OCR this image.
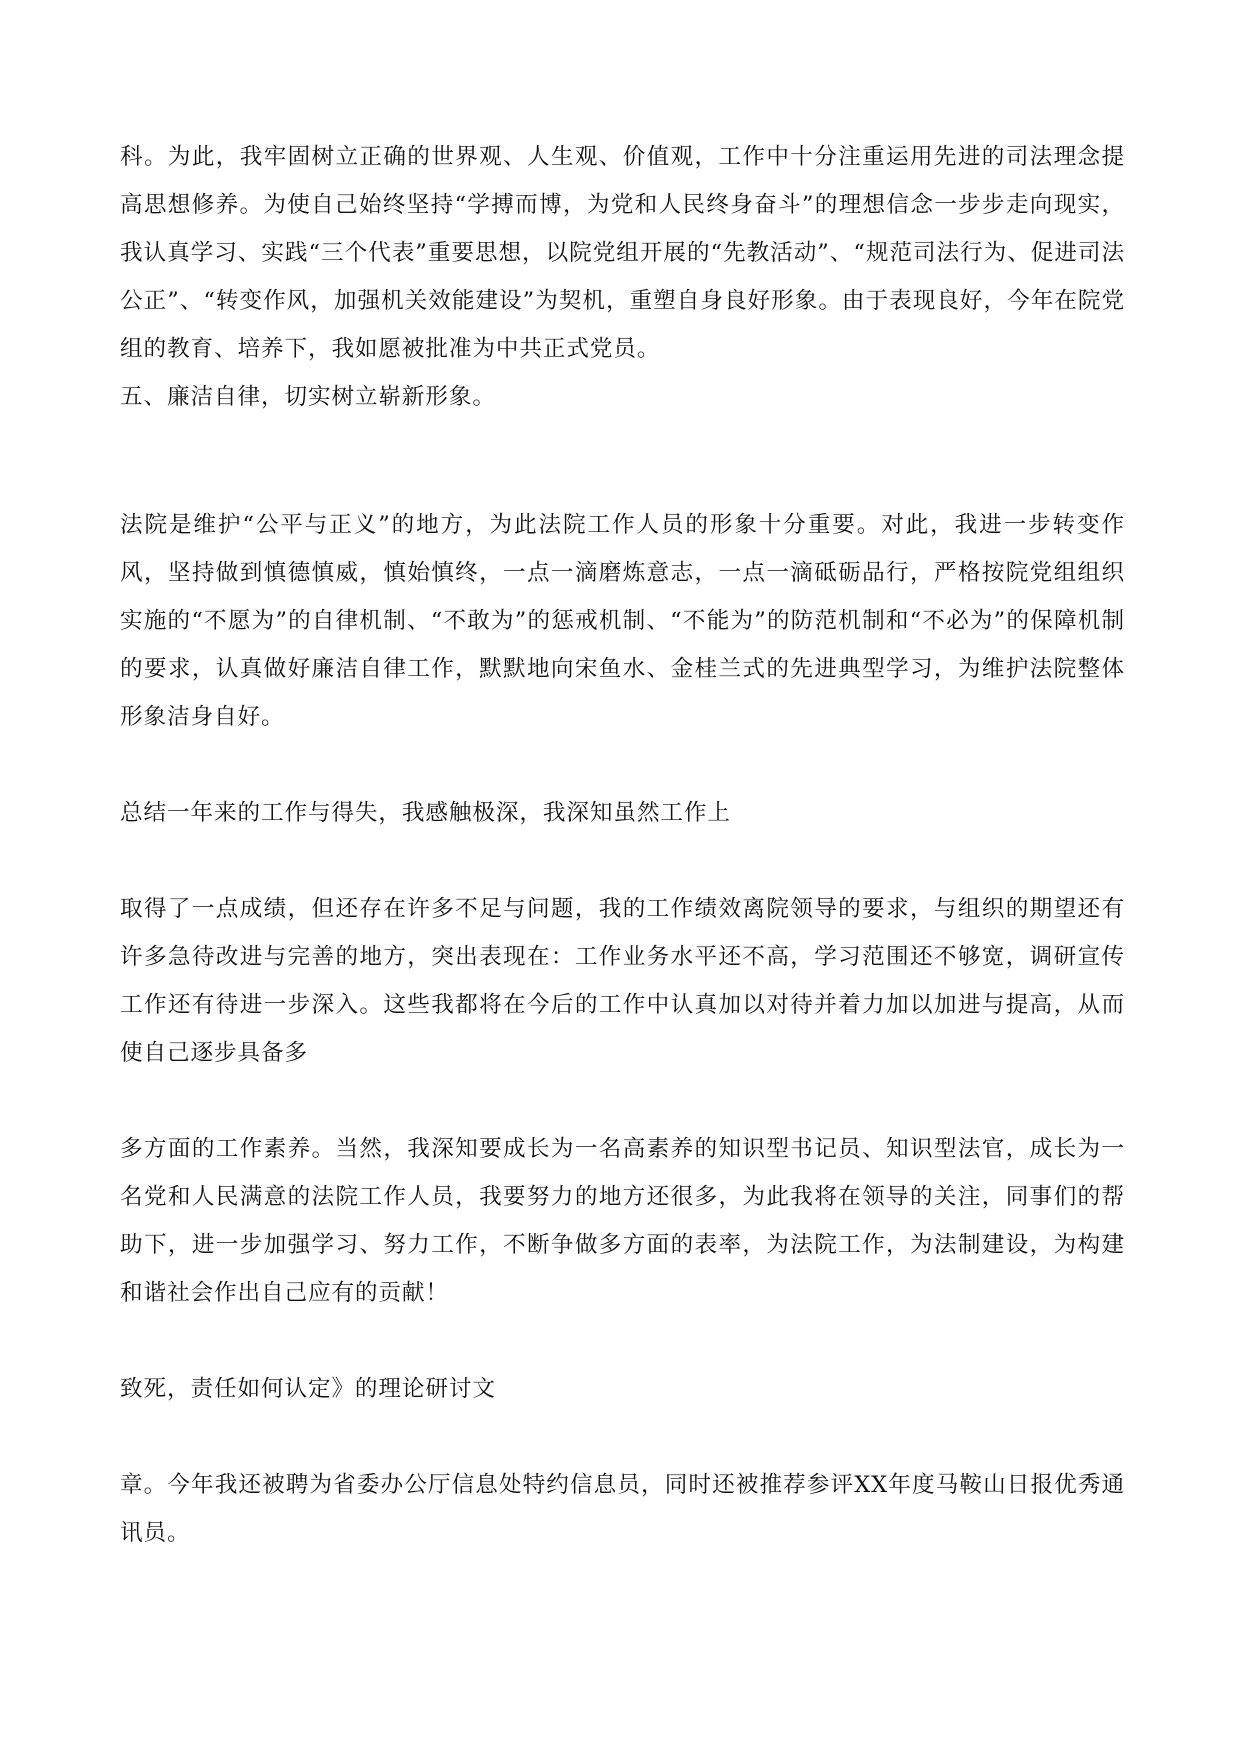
科。为此，我牢固树立正确的世界观、人生观、价值观，工作中十分注重运用先进的司法理念提高思想修养。为使自己始终坚持“学搏而博，为党和人民终身奋斗”的理想信念一步步走向现实，我认真学习、实践“三个代表”重要思想，以院党组开展的“先教活动”、“规范司法行为、促进司法公正”、“转变作风，加强机关效能建设”为契机，重塑自身良好形象。由于表现良好，今年在院党组的教育、培养下，我如愿被批准为中共正式党员。

五、廉洁自律，切实树立崭新形象。

法院是维护“公平与正义”的地方，为此法院工作人员的形象十分重要。对此，我进一步转变作风，坚持做到慎德慎威，慎始慎终，一点一滴磨炼意志，一点一滴砥砺品行，严格按院党组组织实施的“不愿为”的自律机制、“不敢为”的惩戒机制、“不能为”的防范机制和“不必为”的保障机制的要求，认真做好廉洁自律工作，默默地向宋鱼水、金桂兰式的先进典型学习，为维护法院整体形象洁身自好。

总结一年来的工作与得失，我感触极深，我深知虽然工作上

取得了一点成绩，但还存在许多不足与问题，我的工作绩效离院领导的要求，与组织的期望还有许多急待改进与完善的地方，突出表现在：工作业务水平还不高，学习范围还不够宽，调研宣传工作还有待进一步深入。这些我都将在今后的工作中认真加以对待并着力加以加进与提高，从而使自己逐步具备多

多方面的工作素养。当然，我深知要成长为一名高素养的知识型书记员、知识型法官，成长为一名党和人民满意的法院工作人员，我要努力的地方还很多，为此我将在领导的关注，同事们的帮助下，进一步加强学习、努力工作，不断争做多方面的表率，为法院工作，为法制建设，为构建和谐社会作出自己应有的贡献！

致死，责任如何认定》的理论研讨文

章。今年我还被聘为省委办公厅信息处特约信息员，同时还被推荐参评XX年度马鞍山日报优秀通讯员。
